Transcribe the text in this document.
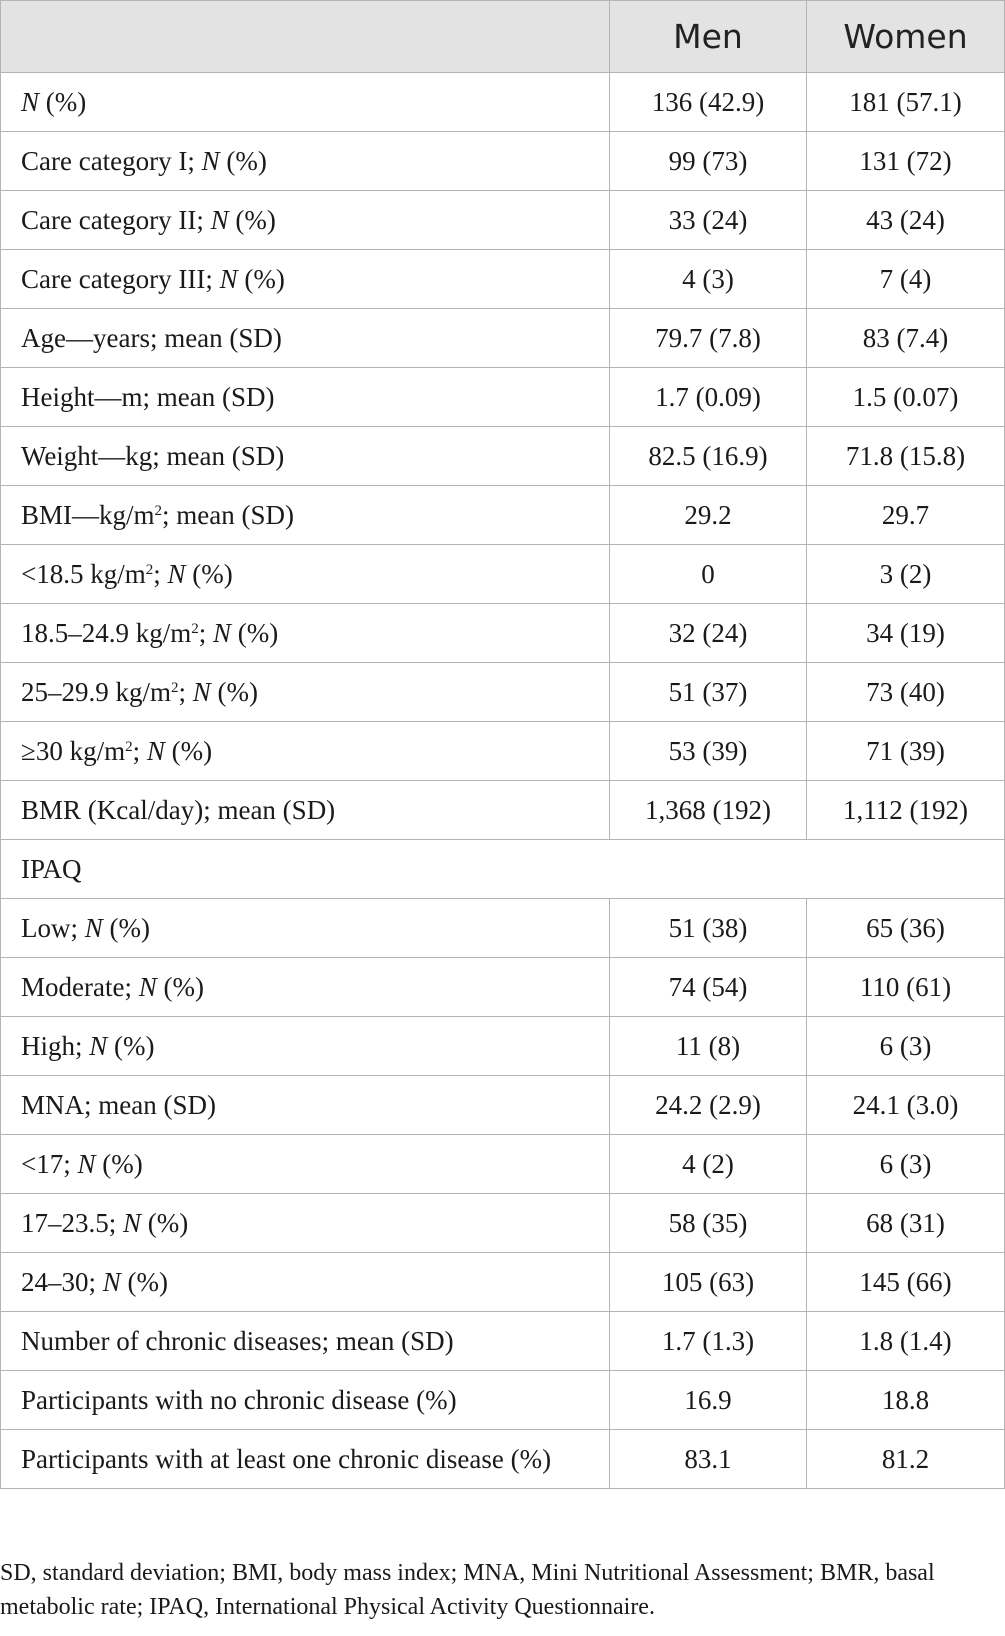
	Men	Women
N (%)	136 (42.9)	181 (57.1)
Care category I; N (%)	99 (73)	131 (72)
Care category II; N (%)	33 (24)	43 (24)
Care category III; N (%)	4 (3)	7 (4)
Age—years; mean (SD)	79.7 (7.8)	83 (7.4)
Height—m; mean (SD)	1.7 (0.09)	1.5 (0.07)
Weight—kg; mean (SD)	82.5 (16.9)	71.8 (15.8)
$BMI—kg/m^2$; mean (SD)	29.2	29.7
<18.5 $kg/m^2$; N (%)	0	3 (2)
18.5–24.9 $kg/m^2$; N (%)	32 (24)	34 (19)
25–29.9 $kg/m^2$; N (%)	51 (37)	73 (40)
≥30 $kg/m^2$; N (%)	53 (39)	71 (39)
BMR (Kcal/day); mean (SD)	1,368 (192)	1,112 (192)
IPAQ		
Low; N (%)	51 (38)	65 (36)
Moderate; N (%)	74 (54)	110 (61)
High; N (%)	11 (8)	6 (3)
MNA; mean (SD)	24.2 (2.9)	24.1 (3.0)
<17; N (%)	4 (2)	6 (3)
17–23.5; N (%)	58 (35)	68 (31)
24–30; N (%)	105 (63)	145 (66)
Number of chronic diseases; mean (SD)	1.7 (1.3)	1.8 (1.4)
Participants with no chronic disease (%)	16.9	18.8
Participants with at least one chronic disease (%)	83.1	81.2
SD, standard deviation; BMI, body mass index; MNA, Mini Nutritional Assessment; BMR, basal metabolic rate; IPAQ, International Physical Activity Questionnaire.
